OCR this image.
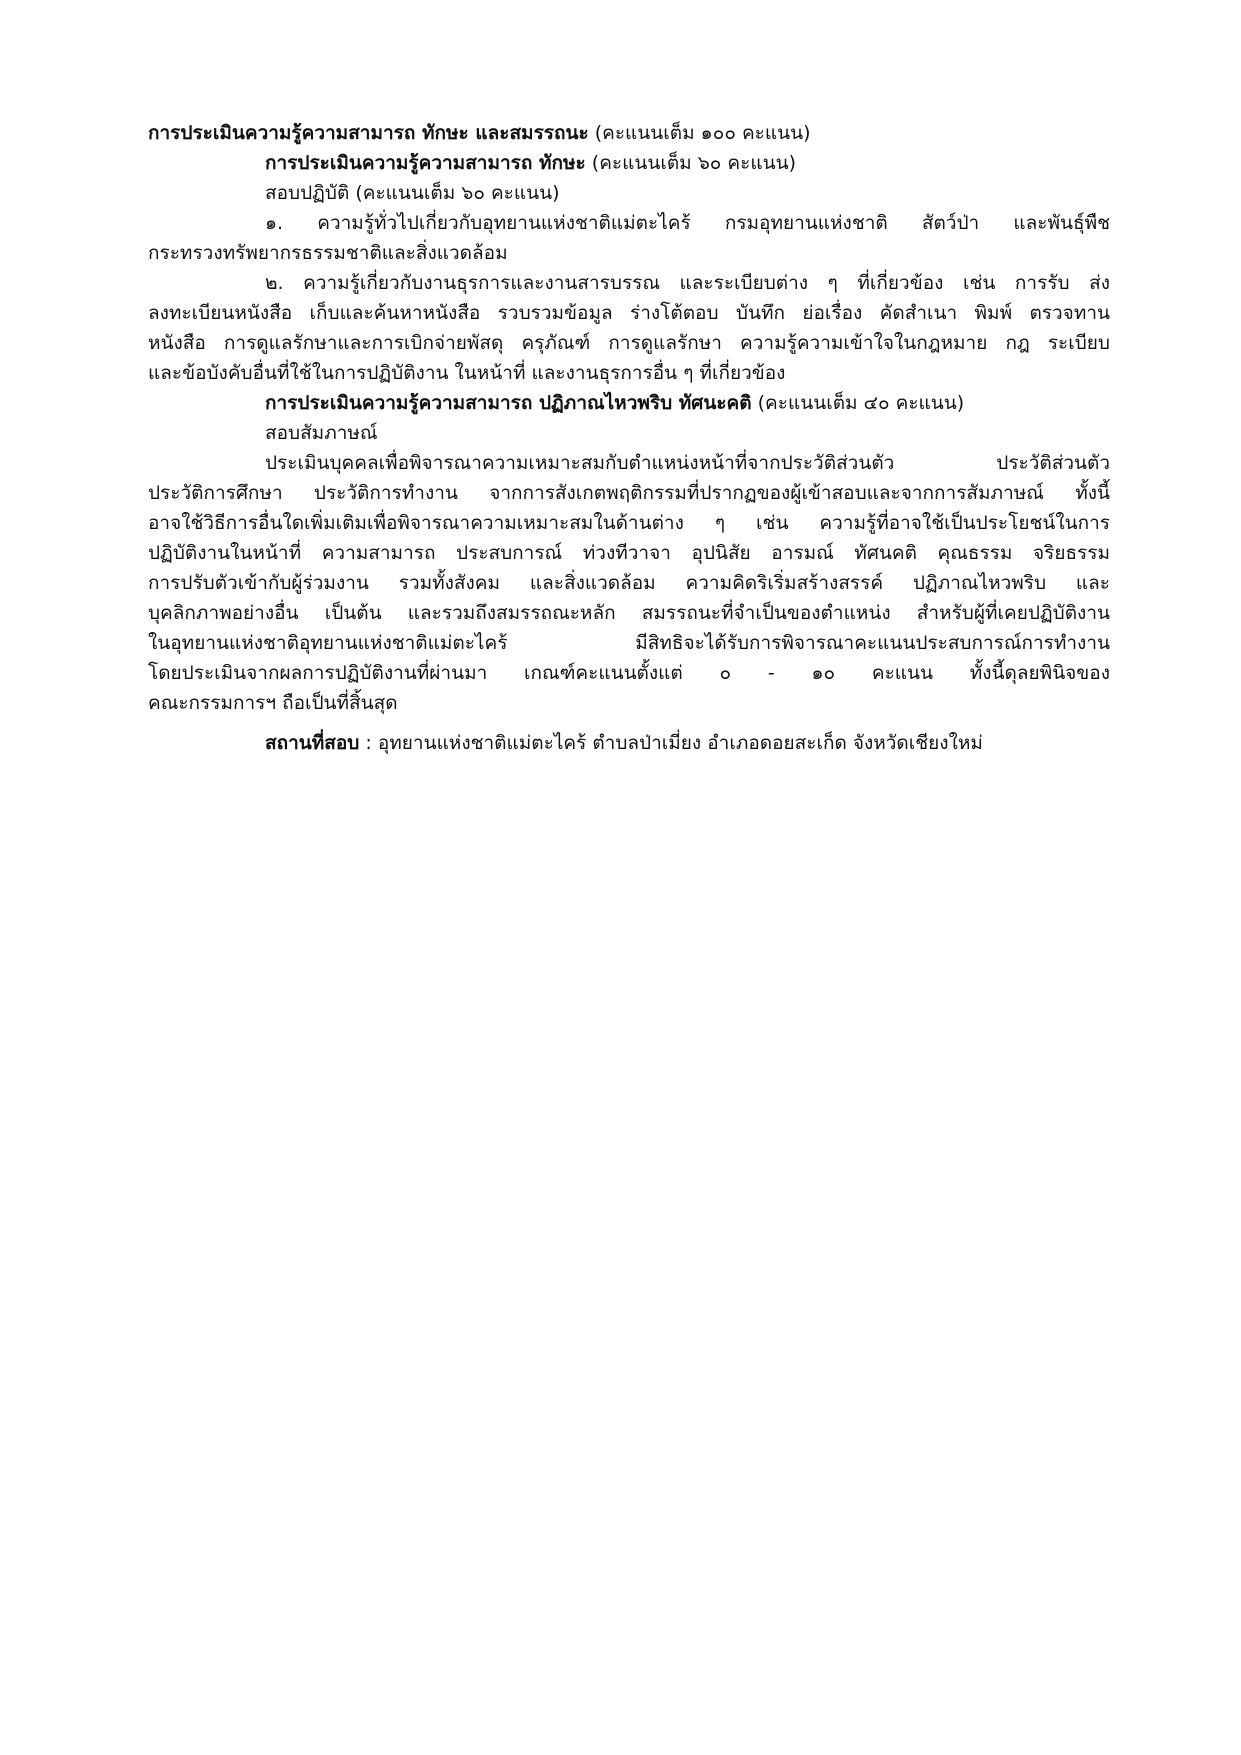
การประเมินความรู้ความสามารถ ทักษะ และสมรรถนะ (คะแนนเต็ม ๑๐๐ คะแนน)
การประเมินความรู้ความสามารถ ทักษะ (คะแนนเต็ม ๖๐ คะแนน)
สอบปฏิบัติ (คะแนนเต็ม ๖๐ คะแนน)
๑. ความรู้ทั่วไปเกี่ยวกับอุทยานแห่งชาติแม่ตะไคร้ กรมอุทยานแห่งชาติ สัตว์ป่า และพันธุ์พืช
กระทรวงทรัพยากรธรรมชาติและสิ่งแวดล้อม
๒. ความรู้เกี่ยวกับงานธุรการและงานสารบรรณ และระเบียบต่าง ๆ ที่เกี่ยวข้อง เช่น การรับ ส่ง
ลงทะเบียนหนังสือ เก็บและค้นหาหนังสือ รวบรวมข้อมูล ร่างโต้ตอบ บันทึก ย่อเรื่อง คัดสำเนา พิมพ์ ตรวจทาน
หนังสือ การดูแลรักษาและการเบิกจ่ายพัสดุ ครุภัณฑ์ การดูแลรักษา ความรู้ความเข้าใจในกฎหมาย กฎ ระเบียบ
และข้อบังคับอื่นที่ใช้ในการปฏิบัติงาน ในหน้าที่ และงานธุรการอื่น ๆ ที่เกี่ยวข้อง
การประเมินความรู้ความสามารถ ปฏิภาณไหวพริบ ทัศนะคติ (คะแนนเต็ม ๔๐ คะแนน)
สอบสัมภาษณ์
ประเมินบุคคลเพื่อพิจารณาความเหมาะสมกับตำแหน่งหน้าที่จากประวัติส่วนตัว ประวัติส่วนตัว
ประวัติการศึกษา ประวัติการทำงาน จากการสังเกตพฤติกรรมที่ปรากฏของผู้เข้าสอบและจากการสัมภาษณ์ ทั้งนี้
อาจใช้วิธีการอื่นใดเพิ่มเติมเพื่อพิจารณาความเหมาะสมในด้านต่าง ๆ เช่น ความรู้ที่อาจใช้เป็นประโยชน์ในการ
ปฏิบัติงานในหน้าที่ ความสามารถ ประสบการณ์ ท่วงทีวาจา อุปนิสัย อารมณ์ ทัศนคติ คุณธรรม จริยธรรม
การปรับตัวเข้ากับผู้ร่วมงาน รวมทั้งสังคม และสิ่งแวดล้อม ความคิดริเริ่มสร้างสรรค์ ปฏิภาณไหวพริบ และ
บุคลิกภาพอย่างอื่น เป็นต้น และรวมถึงสมรรถณะหลัก สมรรถนะที่จำเป็นของตำแหน่ง สำหรับผู้ที่เคยปฏิบัติงาน
ในอุทยานแห่งชาติอุทยานแห่งชาติแม่ตะไคร้ มีสิทธิจะได้รับการพิจารณาคะแนนประสบการณ์การทำงาน
โดยประเมินจากผลการปฏิบัติงานที่ผ่านมา เกณฑ์คะแนนตั้งแต่ ๐ - ๑๐ คะแนน ทั้งนี้ดุลยพินิจของ
คณะกรรมการฯ ถือเป็นที่สิ้นสุด
สถานที่สอบ : อุทยานแห่งชาติแม่ตะไคร้ ตำบลป่าเมี่ยง อำเภอดอยสะเก็ด จังหวัดเชียงใหม่
